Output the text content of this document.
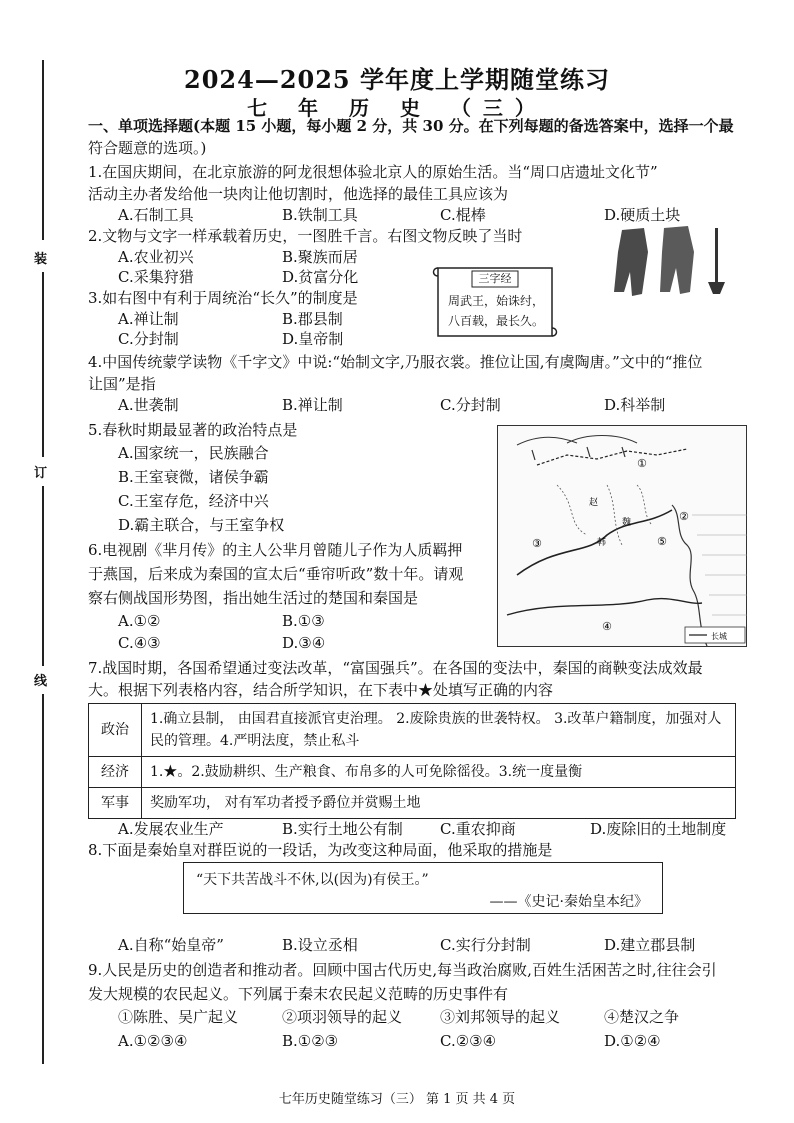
装
订
线
2024—2025 学年度上学期随堂练习
七 年 历 史 （三）
一、单项选择题(本题 15 小题，每小题 2 分，共 30 分。在下列每题的备选答案中，选择一个最
符合题意的选项。)
1.在国庆期间，在北京旅游的阿龙很想体验北京人的原始生活。当“周口店遗址文化节”
活动主办者发给他一块肉让他切割时，他选择的最佳工具应该为
A.石制工具	B.铁制工具	C.棍棒	D.硬质土块
2.文物与文字一样承载着历史，一图胜千言。右图文物反映了当时
A.农业初兴	B.聚族而居
C.采集狩猎	D.贫富分化	三字经
周武王，始诛纣，
八百载，最长久。
3.如右图中有利于周统治“长久”的制度是
A.禅让制	B.郡县制
C.分封制	D.皇帝制
4.中国传统蒙学读物《千字文》中说:“始制文字,乃服衣裳。推位让国,有虞陶唐。”文中的“推位
让国”是指
A.世袭制	B.禅让制	C.分封制	D.科举制
5.春秋时期最显著的政治特点是
A.国家统一，民族融合
B.王室衰微，诸侯争霸
C.王室存危，经济中兴
D.霸主联合，与王室争权
①
②
③
④
⑤
赵
韩
魏
长城
6.电视剧《芈月传》的主人公芈月曾随儿子作为人质羁押
于燕国，后来成为秦国的宣太后“垂帘听政”数十年。请观
察右侧战国形势图，指出她生活过的楚国和秦国是
A.①②	B.①③
C.④③	D.③④
7.战国时期，各国希望通过变法改革，“富国强兵”。在各国的变法中，秦国的商鞅变法成效最
大。根据下列表格内容，结合所学知识，在下表中★处填写正确的内容
政治	1.确立县制， 由国君直接派官吏治理。 2.废除贵族的世袭特权。 3.改革户籍制度，加强对人民的管理。4.严明法度，禁止私斗
经济	1.★。2.鼓励耕织、生产粮食、布帛多的人可免除徭役。3.统一度量衡
军事	奖励军功， 对有军功者授予爵位并赏赐土地
A.发展农业生产	B.实行土地公有制 C.重农抑商	D.废除旧的土地制度
8.下面是秦始皇对群臣说的一段话，为改变这种局面，他采取的措施是
“天下共苦战斗不休,以(因为)有侯王。”
——《史记·秦始皇本纪》
A.自称“始皇帝”	B.设立丞相	C.实行分封制	D.建立郡县制
9.人民是历史的创造者和推动者。回顾中国古代历史,每当政治腐败,百姓生活困苦之时,往往会引
发大规模的农民起义。下列属于秦末农民起义范畴的历史事件有
①陈胜、吴广起义	②项羽领导的起义	③刘邦领导的起义	④楚汉之争
A.①②③④	B.①②③	C.②③④	D.①②④
七年历史随堂练习（三） 第 1 页 共 4 页
